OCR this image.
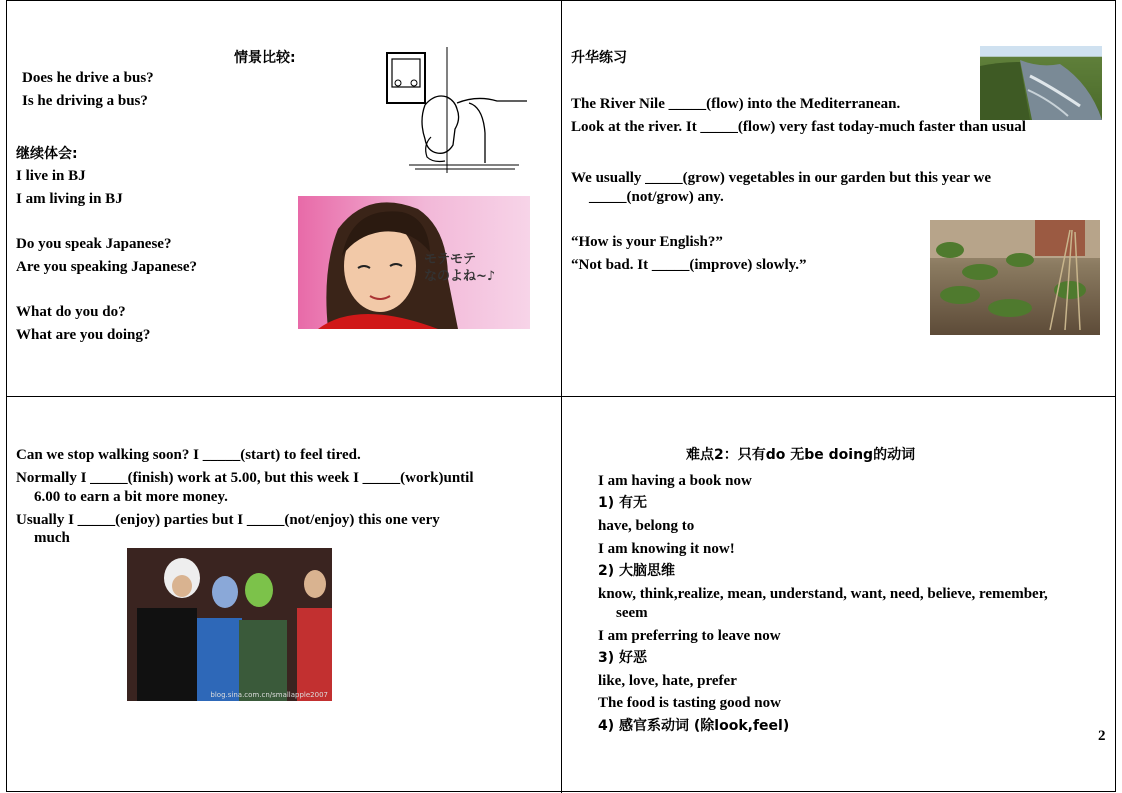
情景比较:
Does he drive a bus?
Is he driving a bus?
继续体会:
I live in BJ
I am living in BJ
Do you speak Japanese?
Are you speaking Japanese?
What do you do?
What are you doing?
モテモテ
なのよね~♪
升华练习
The River Nile _____(flow) into the Mediterranean.
Look at the river. It _____(flow) very fast today-much faster than usual
We usually _____(grow) vegetables in our garden but this year we
_____(not/grow) any.
“How is your English?”
“Not bad. It _____(improve) slowly.”
Can we stop walking soon? I _____(start) to feel tired.
Normally I _____(finish) work at 5.00, but this week I _____(work)until
6.00 to earn a bit more money.
Usually I _____(enjoy) parties but I _____(not/enjoy) this one very
much
blog.sina.com.cn/smallapple2007
难点2：只有do 无be doing的动词
I am having a book now
1) 有无
have, belong to
I am knowing it now!
2) 大脑思维
know, think,realize, mean, understand, want, need, believe, remember,
seem
I am preferring to leave now
3) 好恶
like, love, hate, prefer
The food is tasting good now
4) 感官系动词 (除look,feel)
2
